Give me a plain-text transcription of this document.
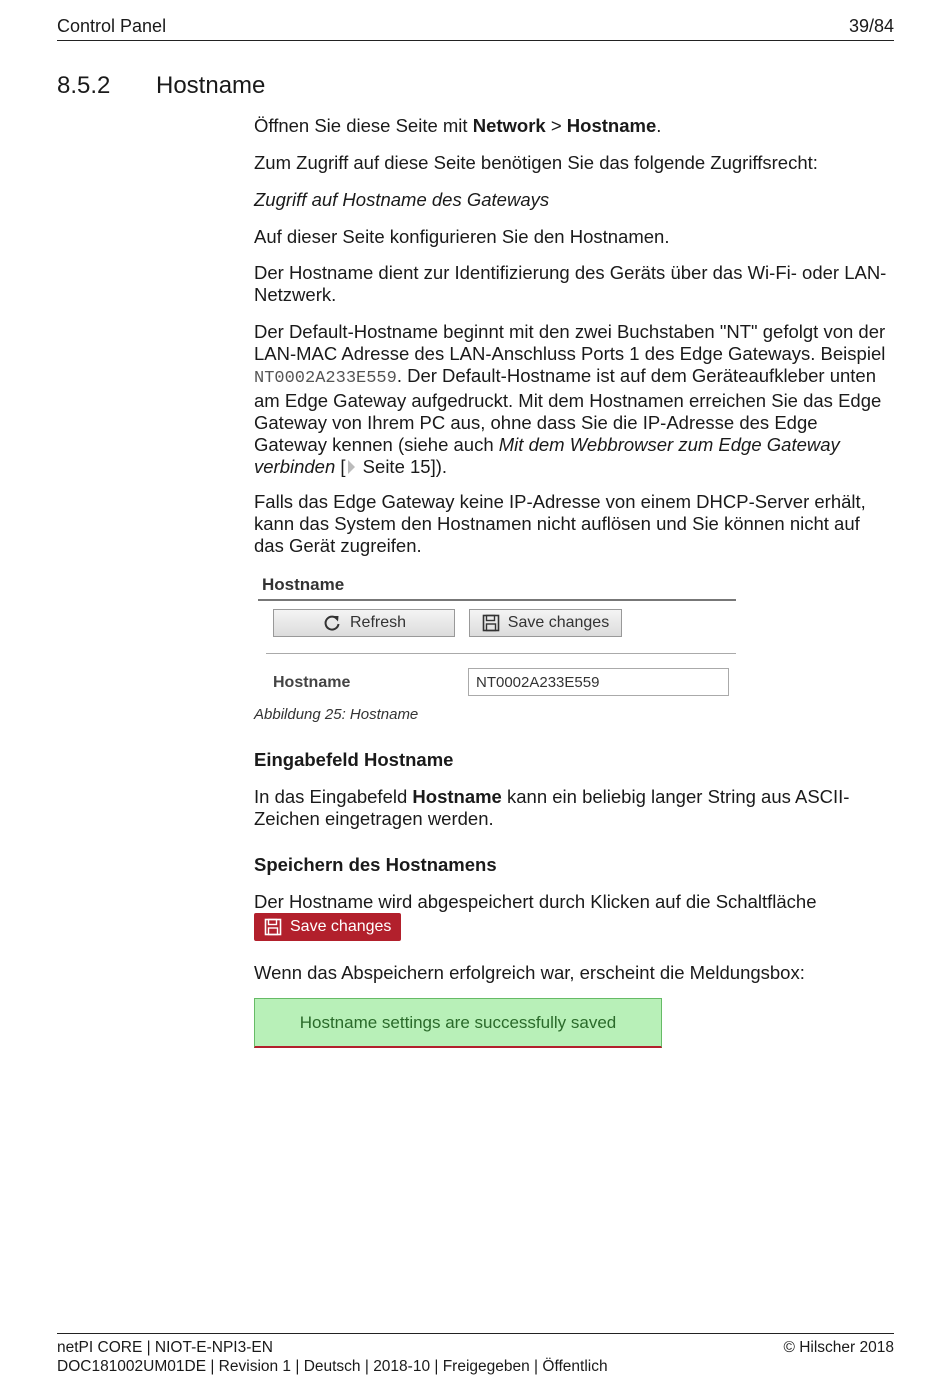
Control Panel	39/84
8.5.2 Hostname

Öffnen Sie diese Seite mit Network > Hostname.

Zum Zugriff auf diese Seite benötigen Sie das folgende Zugriffsrecht:

Zugriff auf Hostname des Gateways

Auf dieser Seite konfigurieren Sie den Hostnamen.

Der Hostname dient zur Identifizierung des Geräts über das Wi-Fi- oder LAN-Netzwerk.

Der Default-Hostname beginnt mit den zwei Buchstaben "NT" gefolgt von der LAN-MAC Adresse des LAN-Anschluss Ports 1 des Edge Gateways. Beispiel NT0002A233E559. Der Default-Hostname ist auf dem Geräteaufkleber unten am Edge Gateway aufgedruckt. Mit dem Hostnamen erreichen Sie das Edge Gateway von Ihrem PC aus, ohne dass Sie die IP-Adresse des Edge Gateway kennen (siehe auch Mit dem Webbrowser zum Edge Gateway verbinden [ Seite 15]).

Falls das Edge Gateway keine IP-Adresse von einem DHCP-Server erhält, kann das System den Hostnamen nicht auflösen und Sie können nicht auf das Gerät zugreifen.

Hostname
Refresh	Save changes
Hostname
NT0002A233E559
Abbildung 25: Hostname
Eingabefeld Hostname

In das Eingabefeld Hostname kann ein beliebig langer String aus ASCII-Zeichen eingetragen werden.

Speichern des Hostnamens

Der Hostname wird abgespeichert durch Klicken auf die Schaltfläche

Save changes

Wenn das Abspeichern erfolgreich war, erscheint die Meldungsbox:

Hostname settings are successfully saved
netPI CORE | NIOT-E-NPI3-EN
DOC181002UM01DE | Revision 1 | Deutsch | 2018-10 | Freigegeben | Öffentlich
© Hilscher 2018
